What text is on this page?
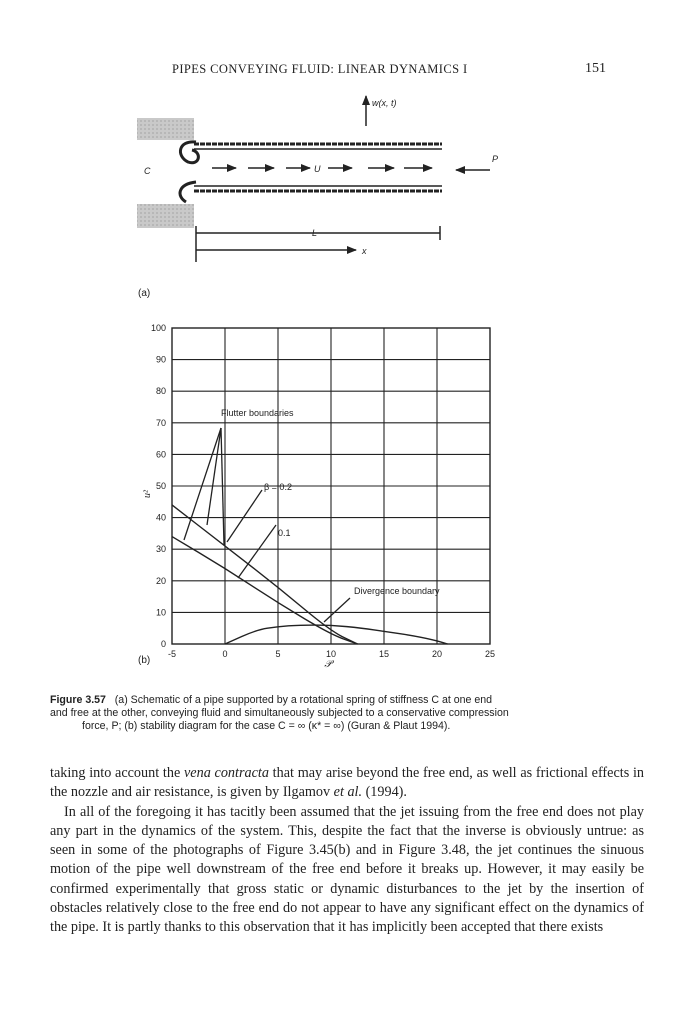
PIPES CONVEYING FLUID: LINEAR DYNAMICS I	151
w(x, t)
C	U
P
L
x
(a)
0
10
20
30
40
50
60
70
80
90
100
-5	0	5	10	15	20	25
Flutter boundaries
β = 0.2
0.1
Divergence boundary
u²
𝒫
(b)
Figure 3.57 (a) Schematic of a pipe supported by a rotational spring of stiffness C at one end
and free at the other, conveying fluid and simultaneously subjected to a conservative compression

force, P; (b) stability diagram for the case C = ∞ (κ* = ∞) (Guran & Plaut 1994).

taking into account the vena contracta that may arise beyond the free end, as well as frictional effects in the nozzle and air resistance, is given by Ilgamov et al. (1994).

In all of the foregoing it has tacitly been assumed that the jet issuing from the free end does not play any part in the dynamics of the system. This, despite the fact that the inverse is obviously untrue: as seen in some of the photographs of Figure 3.45(b) and in Figure 3.48, the jet continues the sinuous motion of the pipe well downstream of the free end before it breaks up. However, it may easily be confirmed experimentally that gross static or dynamic disturbances to the jet by the insertion of obstacles relatively close to the free end do not appear to have any significant effect on the dynamics of the pipe. It is partly thanks to this observation that it has implicitly been accepted that there exists
